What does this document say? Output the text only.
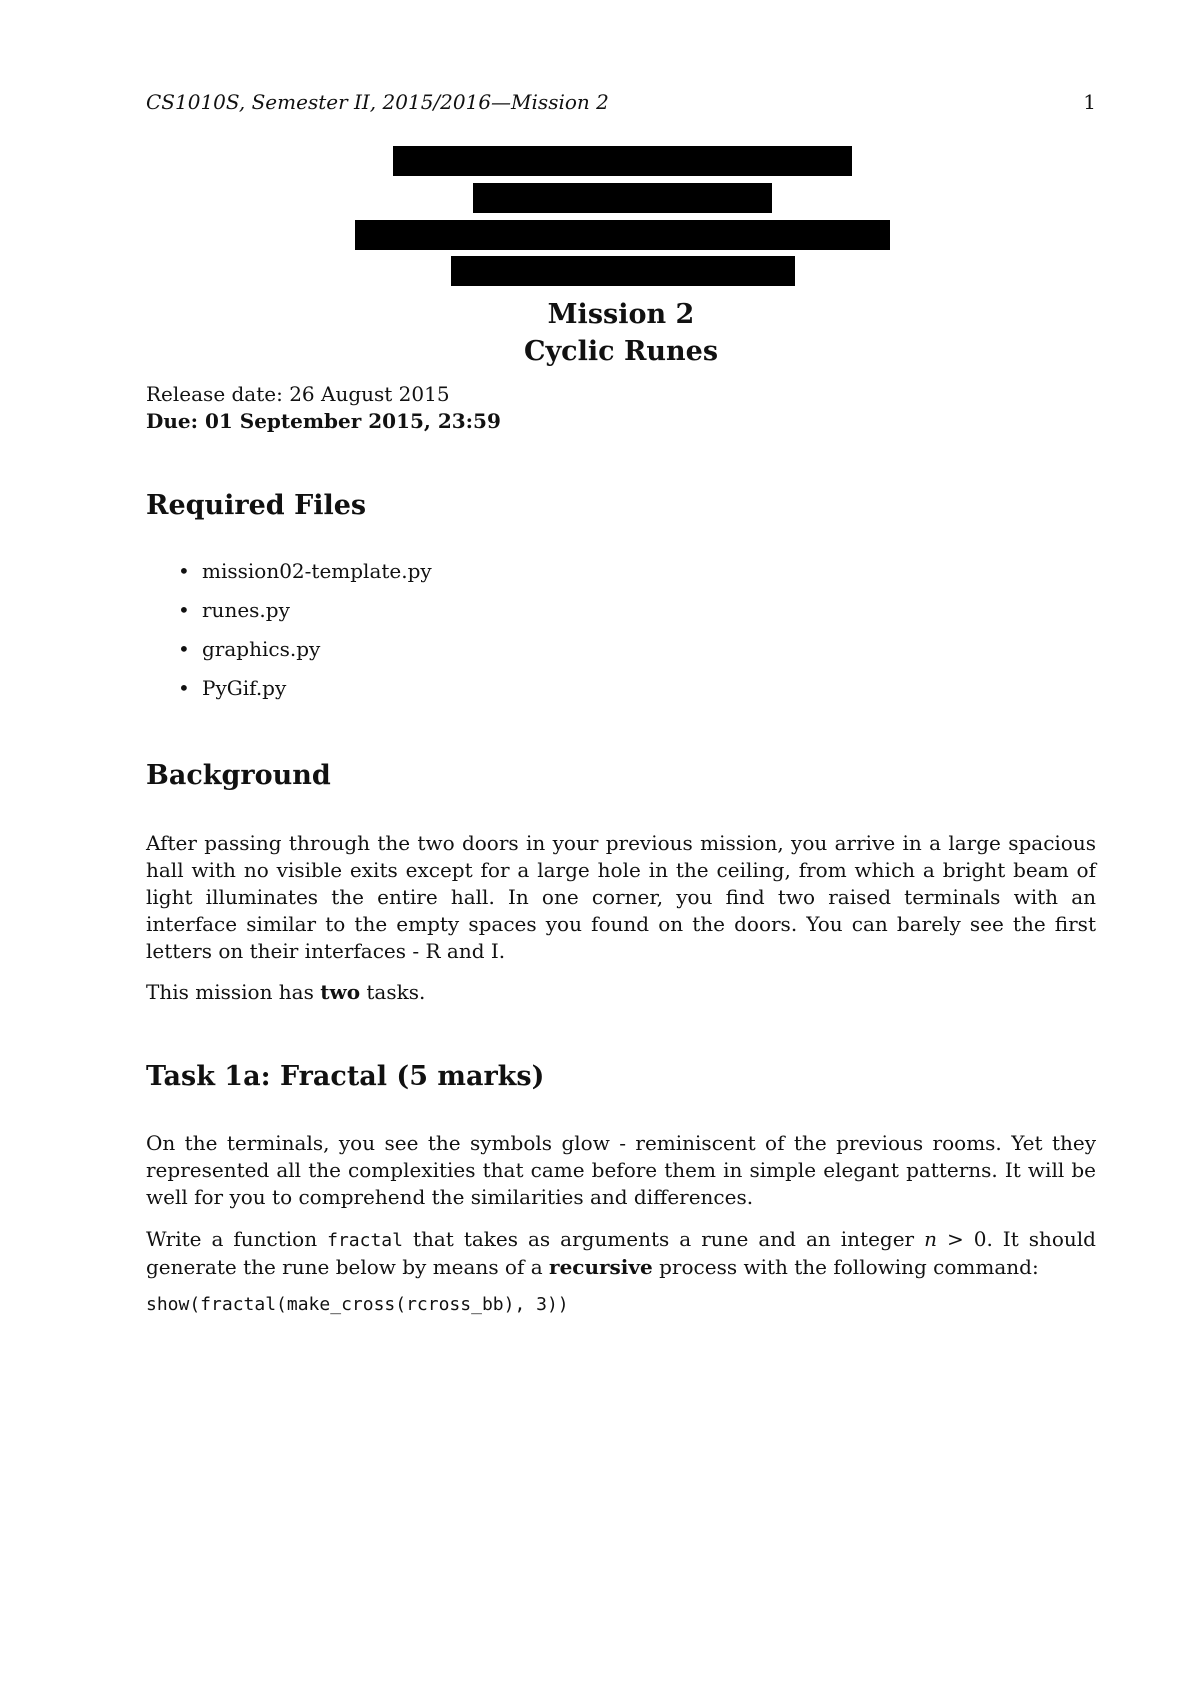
CS1010S, Semester II, 2015/2016—Mission 2	1
Mission 2
Cyclic Runes
Release date: 26 August 2015
Due: 01 September 2015, 23:59
Required Files
• mission02-template.py
• runes.py
• graphics.py
• PyGif.py
Background

After passing through the two doors in your previous mission, you arrive in a large spacious hall with no visible exits except for a large hole in the ceiling, from which a bright beam of light illuminates the entire hall. In one corner, you find two raised terminals with an interface similar to the empty spaces you found on the doors. You can barely see the first letters on their interfaces - R and I.

This mission has two tasks.

Task 1a: Fractal (5 marks)

On the terminals, you see the symbols glow - reminiscent of the previous rooms. Yet they represented all the complexities that came before them in simple elegant patterns. It will be well for you to comprehend the similarities and differences.

Write a function fractal that takes as arguments a rune and an integer n > 0. It should generate the rune below by means of a recursive process with the following command:

show(fractal(make_cross(rcross_bb), 3))
